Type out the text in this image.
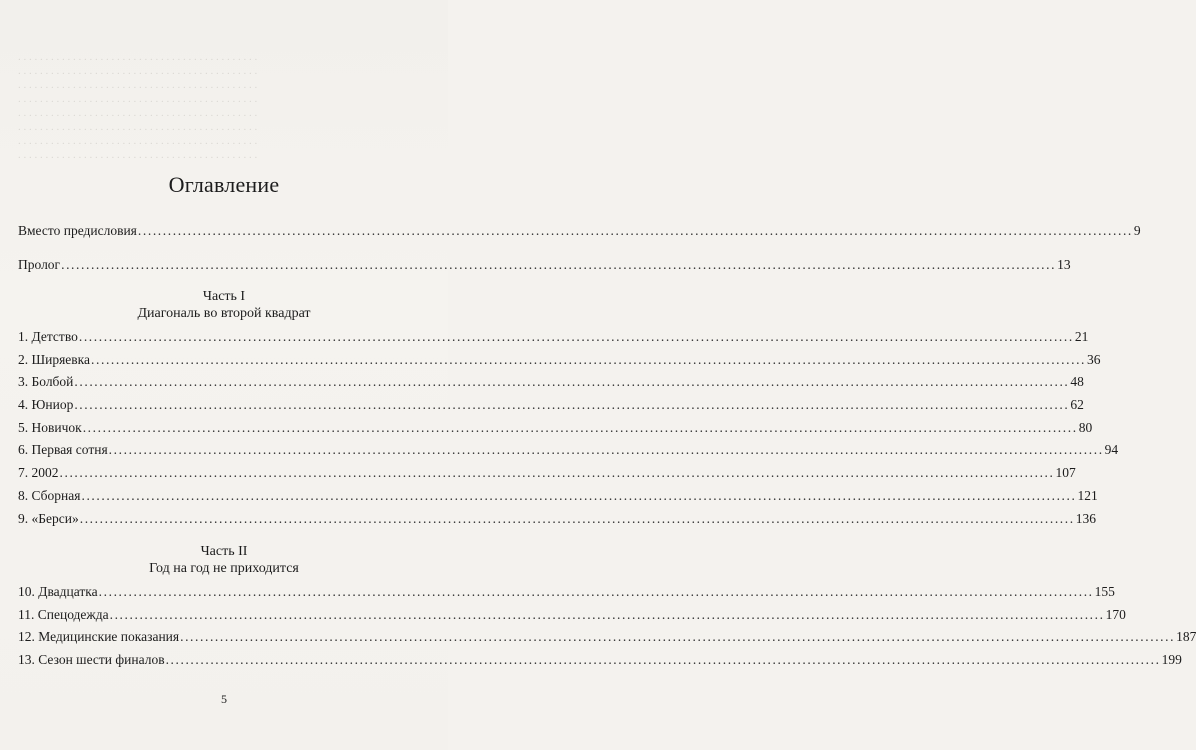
. . . . . . . . . . . . . . . . . . . . . . . . . . . . . . . . . . . . . . . . . . . .
. . . . . . . . . . . . . . . . . . . . . . . . . . . . . . . . . . . . . . . . . . . .
. . . . . . . . . . . . . . . . . . . . . . . . . . . . . . . . . . . . . . . . . . . .
. . . . . . . . . . . . . . . . . . . . . . . . . . . . . . . . . . . . . . . . . . . .
. . . . . . . . . . . . . . . . . . . . . . . . . . . . . . . . . . . . . . . . . . . .
. . . . . . . . . . . . . . . . . . . . . . . . . . . . . . . . . . . . . . . . . . . .
. . . . . . . . . . . . . . . . . . . . . . . . . . . . . . . . . . . . . . . . . . . .
. . . . . . . . . . . . . . . . . . . . . . . . . . . . . . . . . . . . . . . . . . . .
Оглавление
Вместо предисловия ........................................................................................................................................................................................................ 9
Пролог ........................................................................................................................................................................................................ 13
Часть I
Диагональ во второй квадрат
1. Детство ........................................................................................................................................................................................................ 21
2. Ширяевка ........................................................................................................................................................................................................ 36
3. Болбой ........................................................................................................................................................................................................ 48
4. Юниор ........................................................................................................................................................................................................ 62
5. Новичок ........................................................................................................................................................................................................ 80
6. Первая сотня ........................................................................................................................................................................................................ 94
7. 2002 ........................................................................................................................................................................................................ 107
8. Сборная ........................................................................................................................................................................................................ 121
9. «Берси» ........................................................................................................................................................................................................ 136
Часть II
Год на год не приходится
10. Двадцатка ........................................................................................................................................................................................................ 155
11. Спецодежда ........................................................................................................................................................................................................ 170
12. Медицинские показания ........................................................................................................................................................................................................ 187
13. Сезон шести финалов ........................................................................................................................................................................................................ 199
5
